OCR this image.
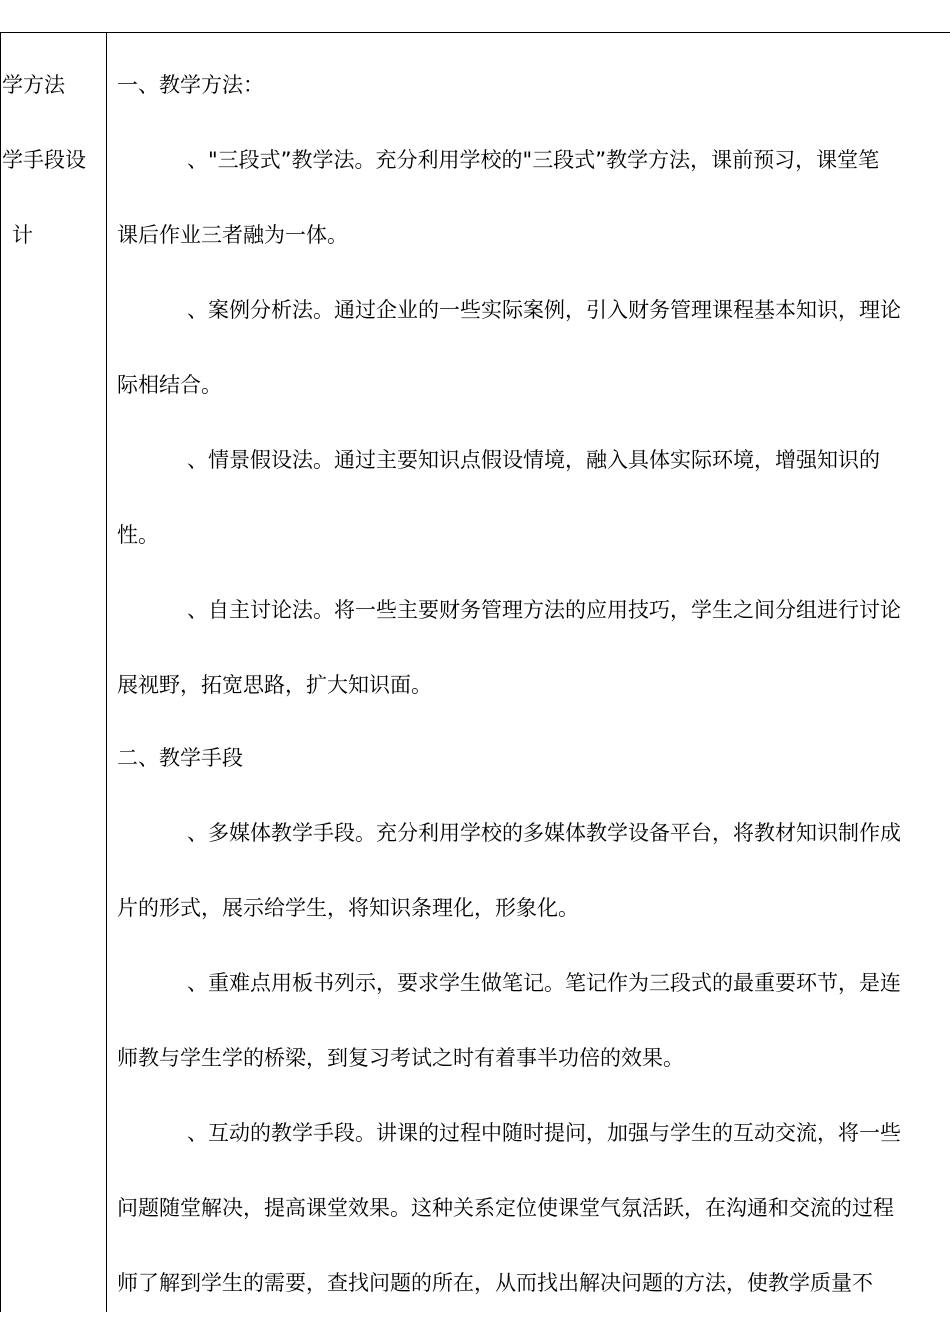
学方法
学手段设
计
一、教学方法：
、"三段式”教学法。充分利用学校的"三段式”教学方法，课前预习，课堂笔
课后作业三者融为一体。
、案例分析法。通过企业的一些实际案例，引入财务管理课程基本知识，理论
际相结合。
、情景假设法。通过主要知识点假设情境，融入具体实际环境，增强知识的
性。
、自主讨论法。将一些主要财务管理方法的应用技巧，学生之间分组进行讨论
展视野，拓宽思路，扩大知识面。
二、教学手段
、多媒体教学手段。充分利用学校的多媒体教学设备平台，将教材知识制作成
片的形式，展示给学生，将知识条理化，形象化。
、重难点用板书列示，要求学生做笔记。笔记作为三段式的最重要环节，是连
师教与学生学的桥梁，到复习考试之时有着事半功倍的效果。
、互动的教学手段。讲课的过程中随时提问，加强与学生的互动交流，将一些
问题随堂解决，提高课堂效果。这种关系定位使课堂气氛活跃，在沟通和交流的过程
师了解到学生的需要，查找问题的所在，从而找出解决问题的方法，使教学质量不
